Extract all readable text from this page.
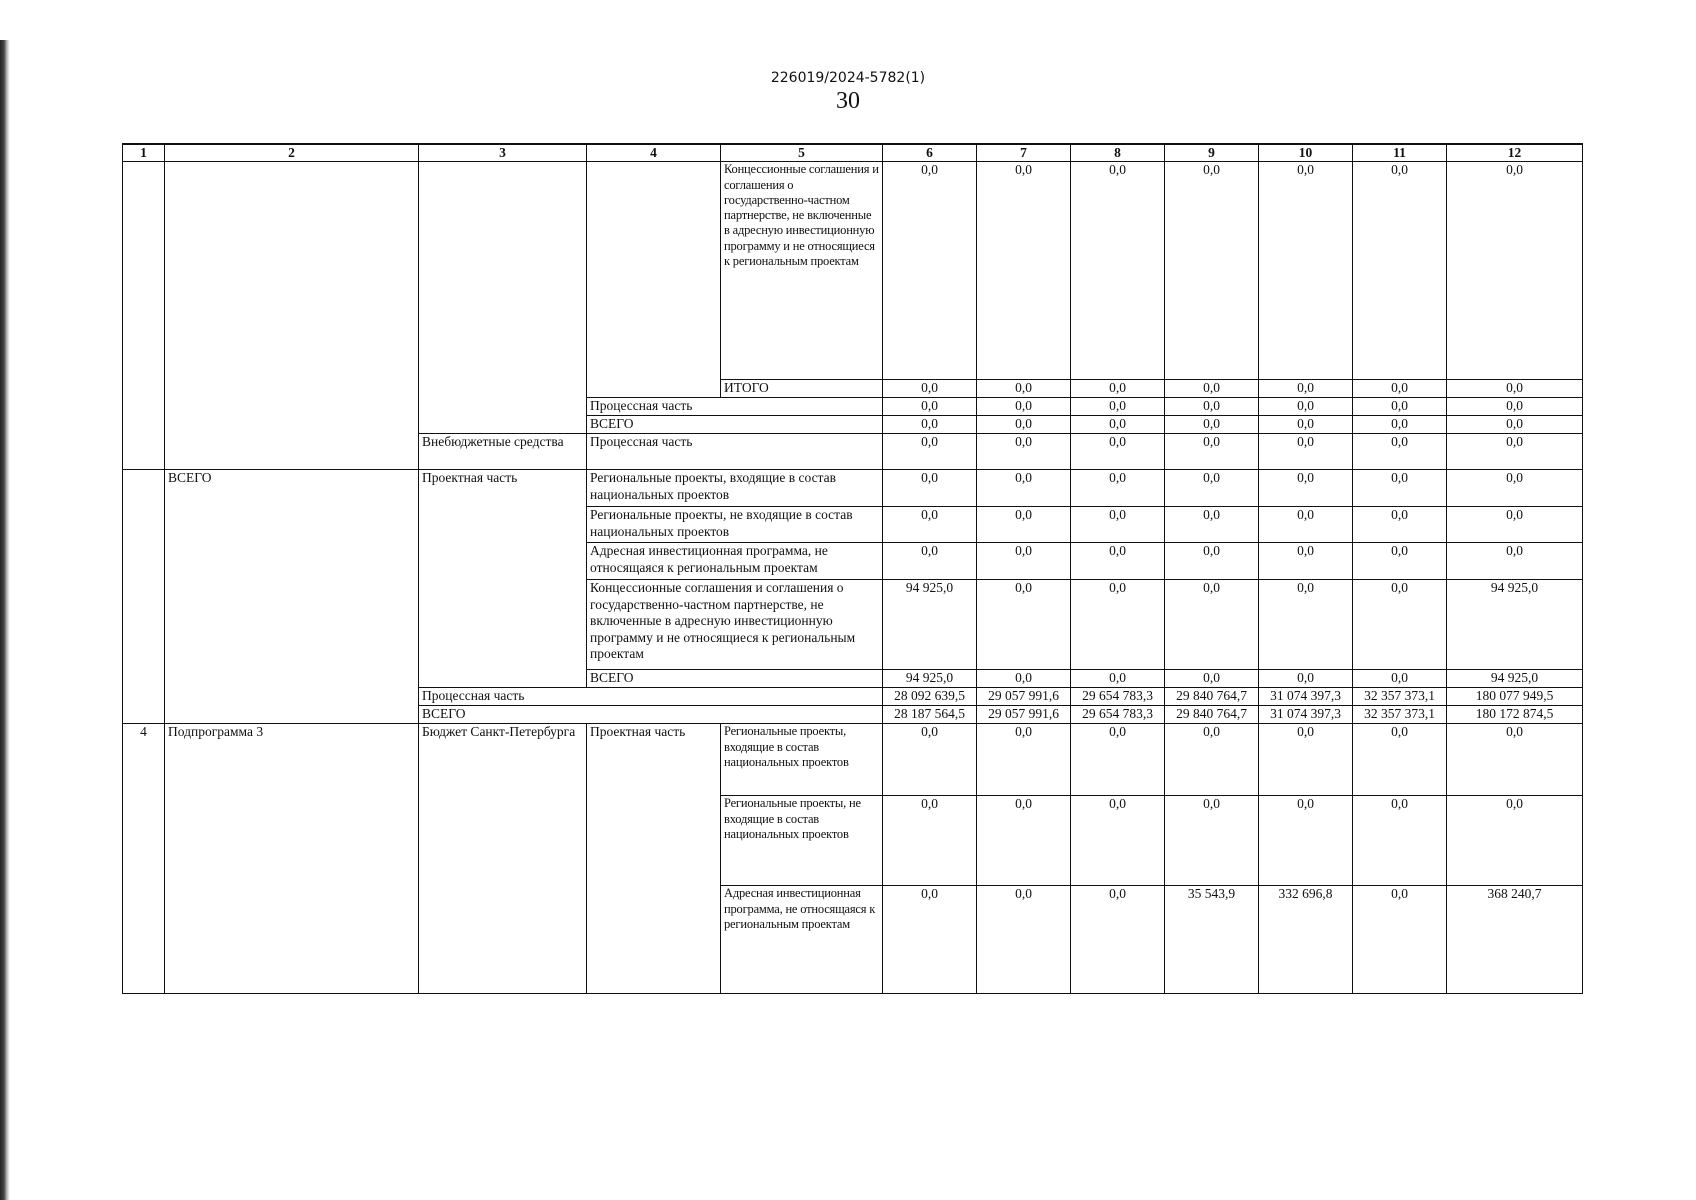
226019/2024-5782(1)
30
1	2	3	4	5	6	7	8	9	10	11	12
				Концессионные соглашения и соглашения о государственно-частном партнерстве, не включенные в адресную инвестиционную программу и не относящиеся к региональным проектам	0,0	0,0	0,0	0,0	0,0	0,0	0,0
				ИТОГО	0,0	0,0	0,0	0,0	0,0	0,0	0,0
			Процессная часть		0,0	0,0	0,0	0,0	0,0	0,0	0,0
			ВСЕГО		0,0	0,0	0,0	0,0	0,0	0,0	0,0
		Внебюджетные средства	Процессная часть		0,0	0,0	0,0	0,0	0,0	0,0	0,0
	ВСЕГО	Проектная часть	Региональные проекты, входящие в состав национальных проектов		0,0	0,0	0,0	0,0	0,0	0,0	0,0
			Региональные проекты, не входящие в состав национальных проектов		0,0	0,0	0,0	0,0	0,0	0,0	0,0
			Адресная инвестиционная программа, не относящаяся к региональным проектам		0,0	0,0	0,0	0,0	0,0	0,0	0,0
			Концессионные соглашения и соглашения о государственно-частном партнерстве, не включенные в адресную инвестиционную программу и не относящиеся к региональным проектам		94 925,0	0,0	0,0	0,0	0,0	0,0	94 925,0
			ВСЕГО		94 925,0	0,0	0,0	0,0	0,0	0,0	94 925,0
		Процессная часть			28 092 639,5	29 057 991,6	29 654 783,3	29 840 764,7	31 074 397,3	32 357 373,1	180 077 949,5
		ВСЕГО			28 187 564,5	29 057 991,6	29 654 783,3	29 840 764,7	31 074 397,3	32 357 373,1	180 172 874,5
4	Подпрограмма 3	Бюджет Санкт-Петербурга	Проектная часть	Региональные проекты, входящие в состав национальных проектов	0,0	0,0	0,0	0,0	0,0	0,0	0,0
				Региональные проекты, не входящие в состав национальных проектов	0,0	0,0	0,0	0,0	0,0	0,0	0,0
				Адресная инвестиционная программа, не относящаяся к региональным проектам	0,0	0,0	0,0	35 543,9	332 696,8	0,0	368 240,7
